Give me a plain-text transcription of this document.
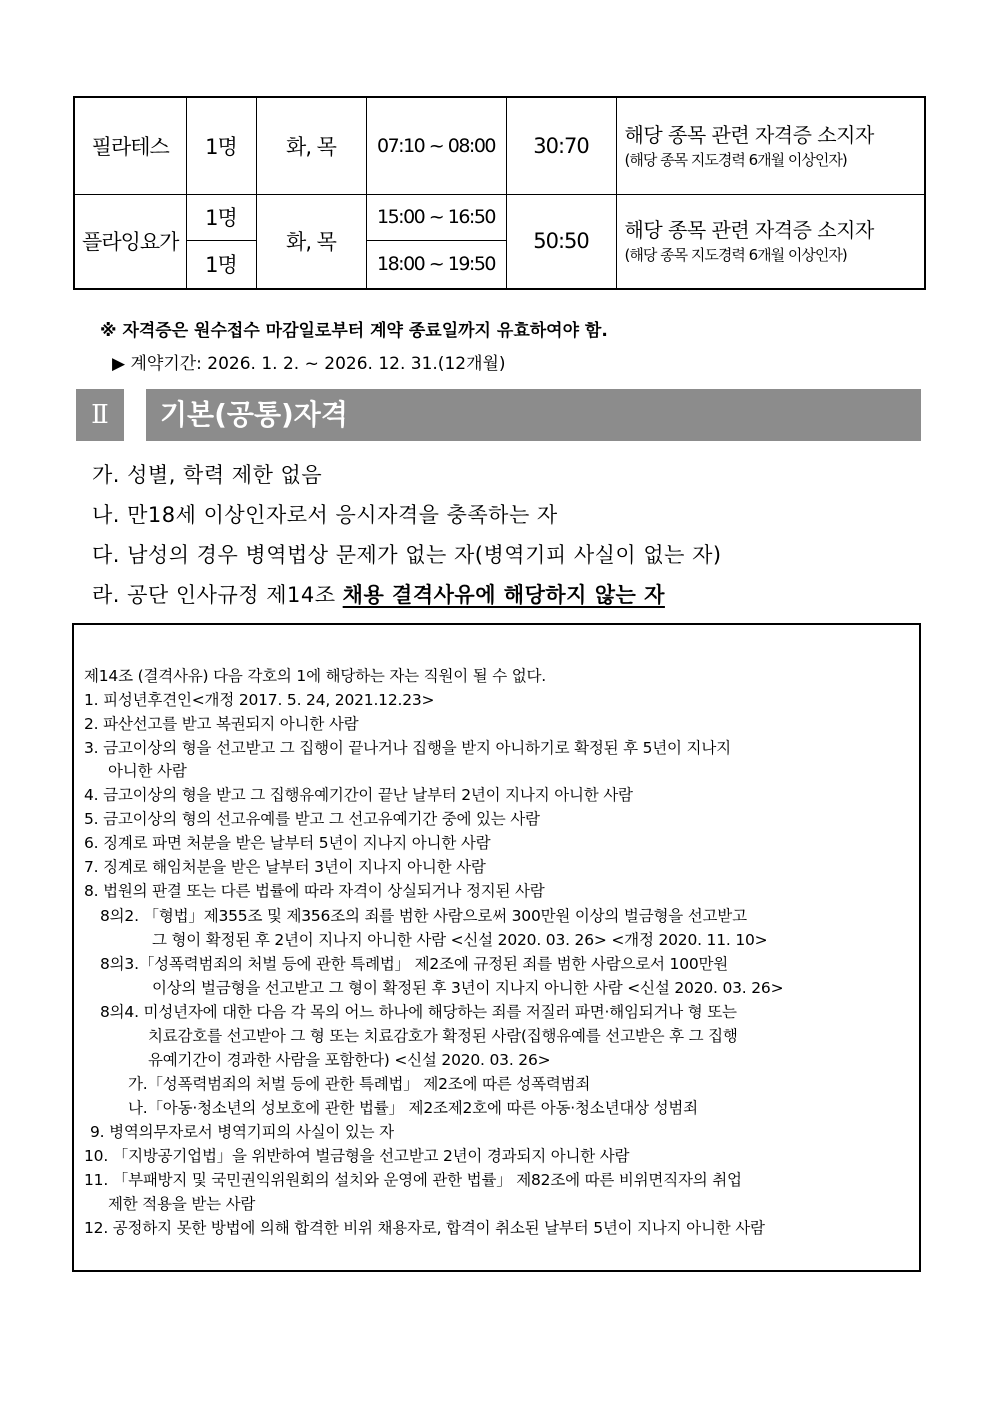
필라테스	1명	화, 목	07:10 ~ 08:00	30:70	해당 종목 관련 자격증 소지자
(해당 종목 지도경력 6개월 이상인자)

플라잉요가	1명	화, 목	15:00 ~ 16:50	50:50	해당 종목 관련 자격증 소지자
(해당 종목 지도경력 6개월 이상인자)

	1명		18:00 ~ 19:50		
※ 자격증은 원수접수 마감일로부터 계약 종료일까지 유효하여야 함.
▶ 계약기간: 2026. 1. 2. ~ 2026. 12. 31.(12개월)
Ⅱ	기본(공통)자격
가. 성별, 학력 제한 없음
나. 만18세 이상인자로서 응시자격을 충족하는 자
다. 남성의 경우 병역법상 문제가 없는 자(병역기피 사실이 없는 자)
라. 공단 인사규정 제14조 채용 결격사유에 해당하지 않는 자
제14조 (결격사유) 다음 각호의 1에 해당하는 자는 직원이 될 수 없다.
1. 피성년후견인<개정 2017. 5. 24, 2021.12.23>
2. 파산선고를 받고 복권되지 아니한 사람
3. 금고이상의 형을 선고받고 그 집행이 끝나거나 집행을 받지 아니하기로 확정된 후 5년이 지나지
아니한 사람
4. 금고이상의 형을 받고 그 집행유예기간이 끝난 날부터 2년이 지나지 아니한 사람
5. 금고이상의 형의 선고유예를 받고 그 선고유예기간 중에 있는 사람
6. 징계로 파면 처분을 받은 날부터 5년이 지나지 아니한 사람
7. 징계로 해임처분을 받은 날부터 3년이 지나지 아니한 사람
8. 법원의 판결 또는 다른 법률에 따라 자격이 상실되거나 정지된 사람
8의2. 「형법」제355조 및 제356조의 죄를 범한 사람으로써 300만원 이상의 벌금형을 선고받고
그 형이 확정된 후 2년이 지나지 아니한 사람 <신설 2020. 03. 26> <개정 2020. 11. 10>
8의3.「성폭력범죄의 처벌 등에 관한 특례법」 제2조에 규정된 죄를 범한 사람으로서 100만원
이상의 벌금형을 선고받고 그 형이 확정된 후 3년이 지나지 아니한 사람 <신설 2020. 03. 26>
8의4. 미성년자에 대한 다음 각 목의 어느 하나에 해당하는 죄를 저질러 파면·해임되거나 형 또는
치료감호를 선고받아 그 형 또는 치료감호가 확정된 사람(집행유예를 선고받은 후 그 집행
유예기간이 경과한 사람을 포함한다) <신설 2020. 03. 26>
가.「성폭력범죄의 처벌 등에 관한 특례법」 제2조에 따른 성폭력범죄
나.「아동·청소년의 성보호에 관한 법률」 제2조제2호에 따른 아동·청소년대상 성범죄
9. 병역의무자로서 병역기피의 사실이 있는 자
10. 「지방공기업법」을 위반하여 벌금형을 선고받고 2년이 경과되지 아니한 사람
11. 「부패방지 및 국민권익위원회의 설치와 운영에 관한 법률」 제82조에 따른 비위면직자의 취업
제한 적용을 받는 사람
12. 공정하지 못한 방법에 의해 합격한 비위 채용자로, 합격이 취소된 날부터 5년이 지나지 아니한 사람
